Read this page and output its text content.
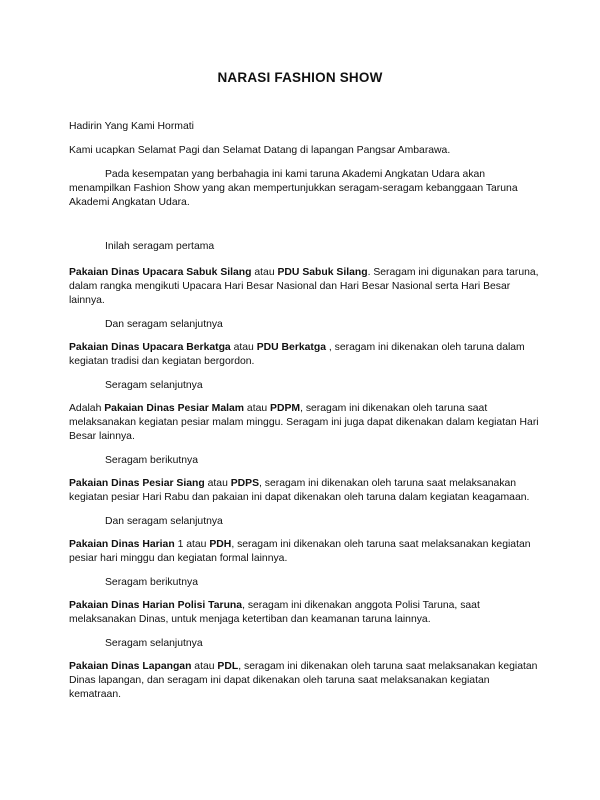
NARASI FASHION SHOW

Hadirin Yang Kami Hormati

Kami ucapkan Selamat Pagi dan Selamat Datang di lapangan Pangsar Ambarawa.

Pada kesempatan yang berbahagia ini kami taruna Akademi Angkatan Udara akan menampilkan Fashion Show yang akan mempertunjukkan seragam-seragam kebanggaan Taruna Akademi Angkatan Udara.

Inilah seragam pertama

Pakaian Dinas Upacara Sabuk Silang atau PDU Sabuk Silang. Seragam ini digunakan para taruna, dalam rangka mengikuti Upacara Hari Besar Nasional dan Hari Besar Nasional serta Hari Besar lainnya.

Dan seragam selanjutnya

Pakaian Dinas Upacara Berkatga atau PDU Berkatga , seragam ini dikenakan oleh taruna dalam kegiatan tradisi dan kegiatan bergordon.

Seragam selanjutnya

Adalah Pakaian Dinas Pesiar Malam atau PDPM, seragam ini dikenakan oleh taruna saat melaksanakan kegiatan pesiar malam minggu. Seragam ini juga dapat dikenakan dalam kegiatan Hari Besar lainnya.

Seragam berikutnya

Pakaian Dinas Pesiar Siang atau PDPS, seragam ini dikenakan oleh taruna saat melaksanakan kegiatan pesiar Hari Rabu dan pakaian ini dapat dikenakan oleh taruna dalam kegiatan keagamaan.

Dan seragam selanjutnya

Pakaian Dinas Harian 1 atau PDH, seragam ini dikenakan oleh taruna saat melaksanakan kegiatan pesiar hari minggu dan kegiatan formal lainnya.

Seragam berikutnya

Pakaian Dinas Harian Polisi Taruna, seragam ini dikenakan anggota Polisi Taruna, saat melaksanakan Dinas, untuk menjaga ketertiban dan keamanan taruna lainnya.

Seragam selanjutnya

Pakaian Dinas Lapangan atau PDL, seragam ini dikenakan oleh taruna saat melaksanakan kegiatan Dinas lapangan, dan seragam ini dapat dikenakan oleh taruna saat melaksanakan kegiatan kematraan.
